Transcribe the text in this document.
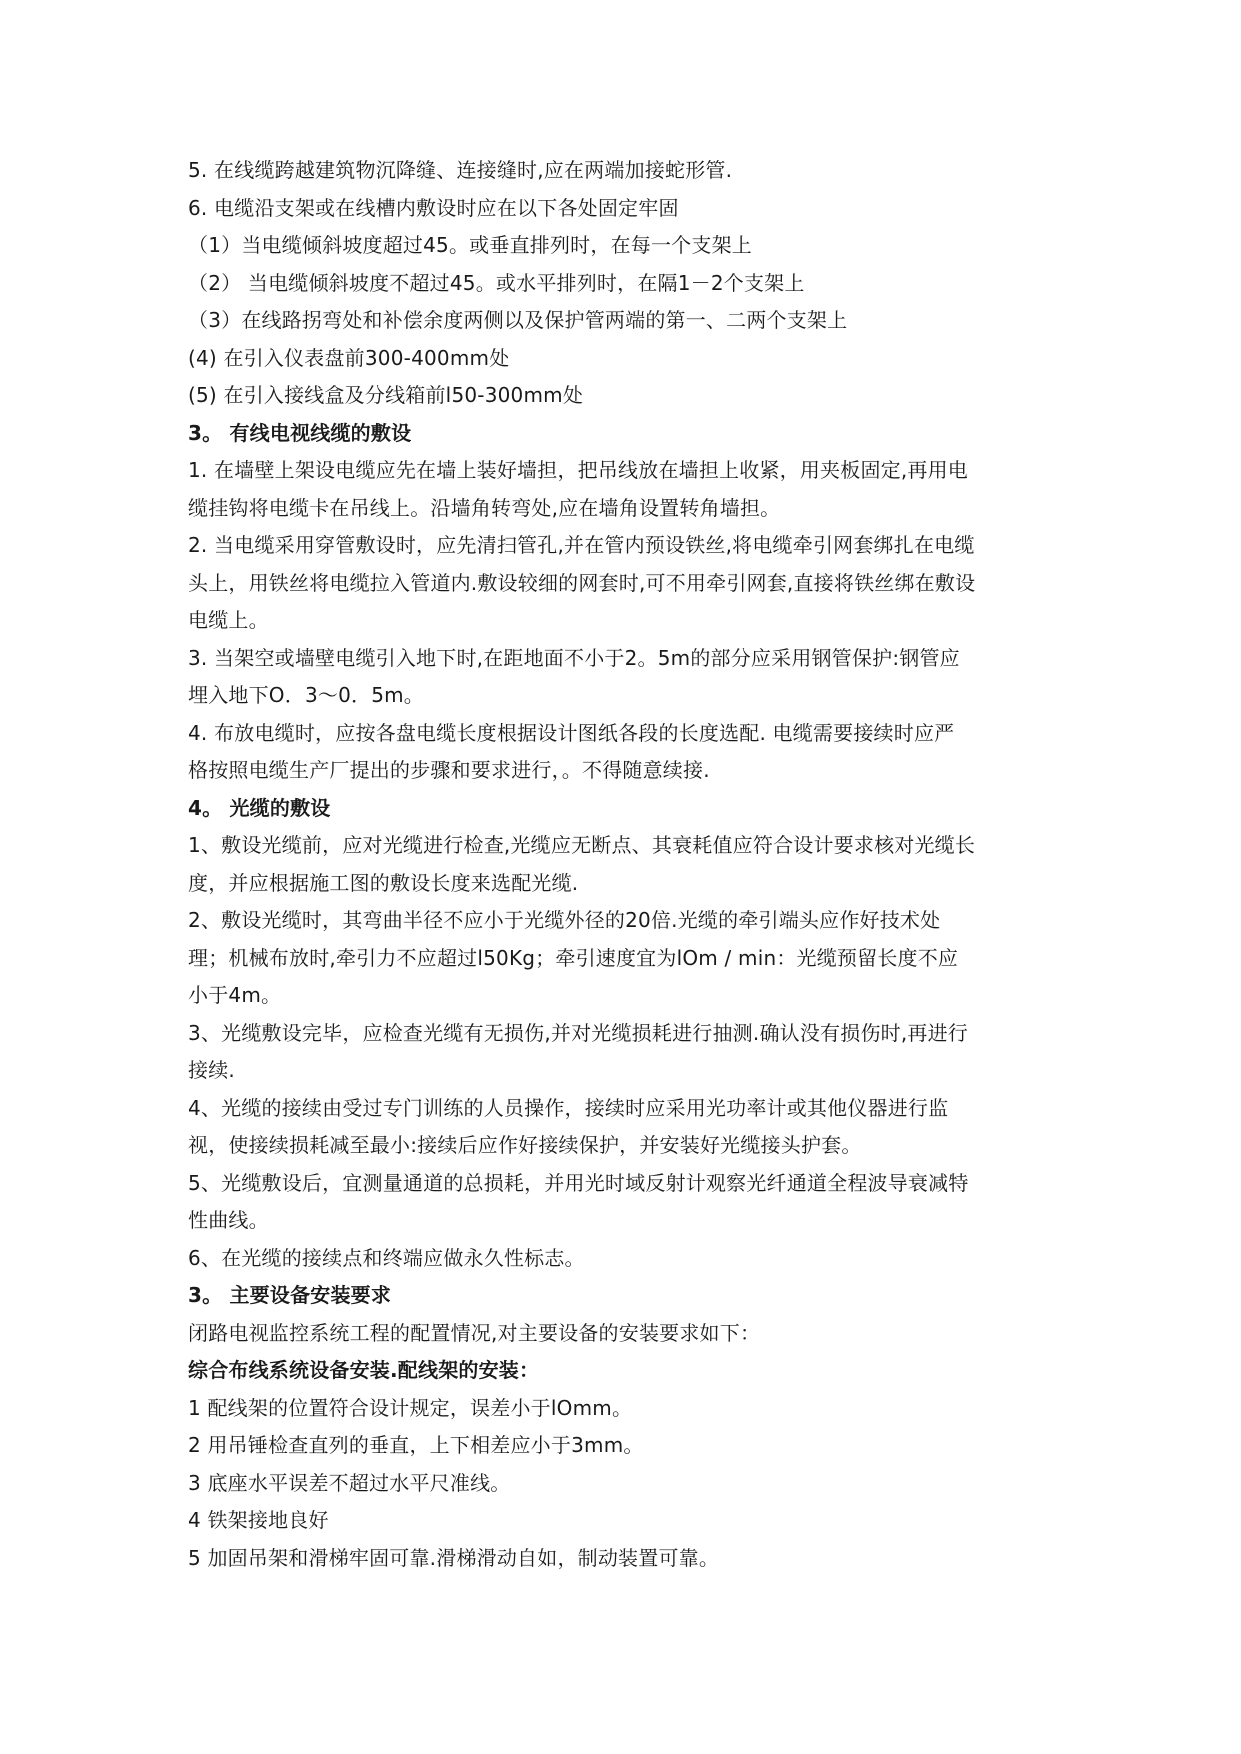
5. 在线缆跨越建筑物沉降缝、连接缝时,应在两端加接蛇形管.
6. 电缆沿支架或在线槽内敷设时应在以下各处固定牢固
（1）当电缆倾斜坡度超过45。或垂直排列时，在每一个支架上
（2） 当电缆倾斜坡度不超过45。或水平排列时，在隔1－2个支架上
（3）在线路拐弯处和补偿余度两侧以及保护管两端的第一、二两个支架上
(4) 在引入仪表盘前300-400mm处
(5) 在引入接线盒及分线箱前l50-300mm处
3。 有线电视线缆的敷设
1. 在墙壁上架设电缆应先在墙上装好墙担，把吊线放在墙担上收紧，用夹板固定,再用电
缆挂钩将电缆卡在吊线上。沿墙角转弯处,应在墙角设置转角墙担。
2. 当电缆采用穿管敷设时，应先清扫管孔,并在管内预设铁丝,将电缆牵引网套绑扎在电缆
头上，用铁丝将电缆拉入管道内.敷设较细的网套时,可不用牵引网套,直接将铁丝绑在敷设
电缆上。
3. 当架空或墙壁电缆引入地下时,在距地面不小于2。5m的部分应采用钢管保护:钢管应
埋入地下O．3～0．5m。
4. 布放电缆时，应按各盘电缆长度根据设计图纸各段的长度选配. 电缆需要接续时应严
格按照电缆生产厂提出的步骤和要求进行，。不得随意续接.
4。 光缆的敷设
1、敷设光缆前，应对光缆进行检查,光缆应无断点、其衰耗值应符合设计要求核对光缆长
度，并应根据施工图的敷设长度来选配光缆.
2、敷设光缆时，其弯曲半径不应小于光缆外径的20倍.光缆的牵引端头应作好技术处
理；机械布放时,牵引力不应超过l50Kg；牵引速度宜为lOm / min：光缆预留长度不应
小于4m。
3、光缆敷设完毕，应检查光缆有无损伤,并对光缆损耗进行抽测.确认没有损伤时,再进行
接续.
4、光缆的接续由受过专门训练的人员操作，接续时应采用光功率计或其他仪器进行监
视，使接续损耗减至最小:接续后应作好接续保护，并安装好光缆接头护套。
5、光缆敷设后，宜测量通道的总损耗，并用光时域反射计观察光纤通道全程波导衰减特
性曲线。
6、在光缆的接续点和终端应做永久性标志。
3。 主要设备安装要求
闭路电视监控系统工程的配置情况,对主要设备的安装要求如下：
综合布线系统设备安装.配线架的安装：
1 配线架的位置符合设计规定，误差小于lOmm。
2 用吊锤检查直列的垂直，上下相差应小于3mm。
3 底座水平误差不超过水平尺准线。
4 铁架接地良好
5 加固吊架和滑梯牢固可靠.滑梯滑动自如，制动装置可靠。
